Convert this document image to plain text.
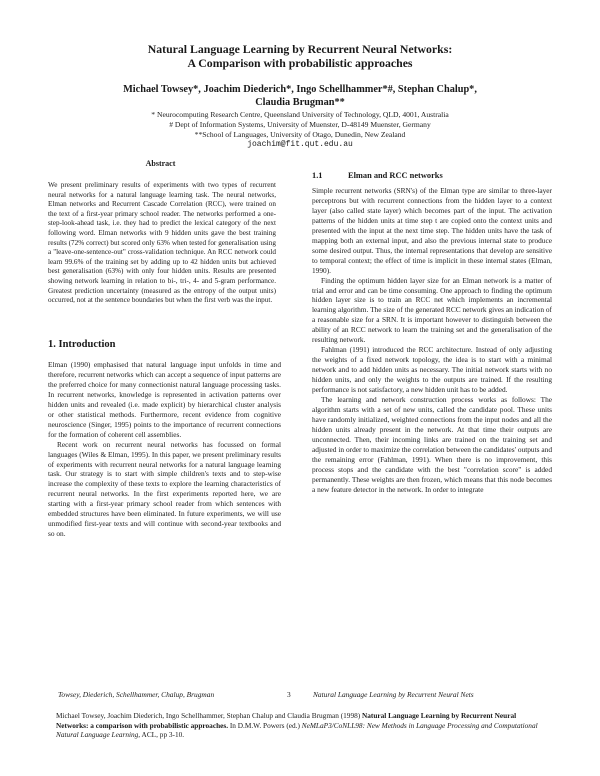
Natural Language Learning by Recurrent Neural Networks:
A Comparison with probabilistic approaches
Michael Towsey*, Joachim Diederich*, Ingo Schellhammer*#, Stephan Chalup*,
Claudia Brugman**
* Neurocomputing Research Centre, Queensland University of Technology, QLD, 4001, Australia
# Dept of Information Systems, University of Muenster, D-48149 Muenster, Germany
**School of Languages, University of Otago, Dunedin, New Zealand
joachim@fit.qut.edu.au
Abstract

We present preliminary results of experiments with two types of recurrent neural networks for a natural language learning task. The neural networks, Elman networks and Recurrent Cascade Correlation (RCC), were trained on the text of a first-year primary school reader. The networks performed a one-step-look-ahead task, i.e. they had to predict the lexical category of the next following word. Elman networks with 9 hidden units gave the best training results (72% correct) but scored only 63% when tested for generalisation using a "leave-one-sentence-out" cross-validation technique. An RCC network could learn 99.6% of the training set by adding up to 42 hidden units but achieved best generalisation (63%) with only four hidden units. Results are presented showing network learning in relation to bi-, tri-, 4- and 5-gram performance. Greatest prediction uncertainty (measured as the entropy of the output units) occurred, not at the sentence boundaries but when the first verb was the input.

1. Introduction

Elman (1990) emphasised that natural language input unfolds in time and therefore, recurrent networks which can accept a sequence of input patterns are the preferred choice for many connectionist natural language processing tasks. In recurrent networks, knowledge is represented in activation patterns over hidden units and revealed (i.e. made explicit) by hierarchical cluster analysis or other statistical methods. Furthermore, recent evidence from cognitive neuroscience (Singer, 1995) points to the importance of recurrent connections for the formation of coherent cell assemblies.

Recent work on recurrent neural networks has focussed on formal languages (Wiles & Elman, 1995). In this paper, we present preliminary results of experiments with recurrent neural networks for a natural language learning task. Our strategy is to start with simple children's texts and to step-wise increase the complexity of these texts to explore the learning characteristics of recurrent neural networks. In the first experiments reported here, we are starting with a first-year primary school reader from which sentences with embedded structures have been eliminated. In future experiments, we will use unmodified first-year texts and will continue with second-year textbooks and so on.

1.1	Elman and RCC networks

Simple recurrent networks (SRN's) of the Elman type are similar to three-layer perceptrons but with recurrent connections from the hidden layer to a context layer (also called state layer) which becomes part of the input. The activation patterns of the hidden units at time step t are copied onto the context units and presented with the input at the next time step. The hidden units have the task of mapping both an external input, and also the previous internal state to produce some desired output. Thus, the internal representations that develop are sensitive to temporal context; the effect of time is implicit in these internal states (Elman, 1990).

Finding the optimum hidden layer size for an Elman network is a matter of trial and error and can be time consuming. One approach to finding the optimum hidden layer size is to train an RCC net which implements an incremental learning algorithm. The size of the generated RCC network gives an indication of a reasonable size for a SRN. It is important however to distinguish between the ability of an RCC network to learn the training set and the generalisation of the resulting network.

Fahlman (1991) introduced the RCC architecture. Instead of only adjusting the weights of a fixed network topology, the idea is to start with a minimal network and to add hidden units as necessary. The initial network starts with no hidden units, and only the weights to the outputs are trained. If the resulting performance is not satisfactory, a new hidden unit has to be added.

The learning and network construction process works as follows: The algorithm starts with a set of new units, called the candidate pool. These units have randomly initialized, weighted connections from the input nodes and all the hidden units already present in the network. At that time their outputs are unconnected. Then, their incoming links are trained on the training set and adjusted in order to maximize the correlation between the candidates' outputs and the remaining error (Fahlman, 1991). When there is no improvement, this process stops and the candidate with the best "correlation score" is added permanently. These weights are then frozen, which means that this node becomes a new feature detector in the network. In order to integrate

Towsey, Diederich, Schellhammer, Chalup, Brugman	3	Natural Language Learning by Recurrent Neural Nets

Michael Towsey, Joachim Diederich, Ingo Schellhammer, Stephan Chalup and Claudia Brugman (1998) Natural Language Learning by Recurrent Neural Networks: a comparison with probabilistic approaches. In D.M.W. Powers (ed.) NeMLaP3/CoNLL98: New Methods in Language Processing and Computational Natural Language Learning, ACL, pp 3-10.
